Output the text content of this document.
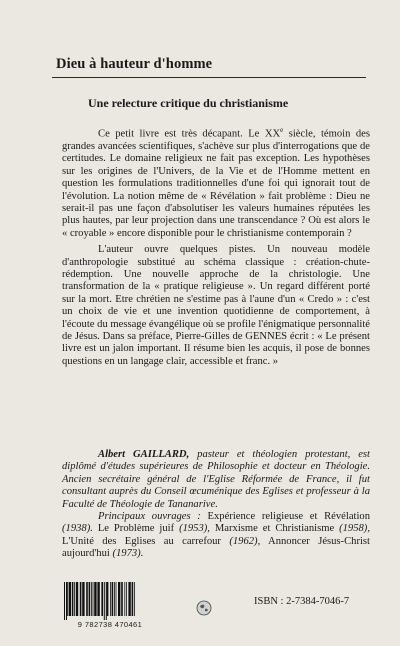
Dieu à hauteur d'homme
Une relecture critique du christianisme

Ce petit livre est très décapant. Le XXe siècle, témoin des grandes avancées scientifiques, s'achève sur plus d'interrogations que de certitudes. Le domaine religieux ne fait pas exception. Les hypothèses sur les origines de l'Univers, de la Vie et de l'Homme mettent en question les formulations traditionnelles d'une foi qui ignorait tout de l'évolution. La notion même de « Révélation » fait problème : Dieu ne serait-il pas une façon d'absolutiser les valeurs humaines réputées les plus hautes, par leur projection dans une transcendance ? Où est alors le « croyable » encore disponible pour le christianisme contemporain ?

L'auteur ouvre quelques pistes. Un nouveau modèle d'anthropologie substitué au schéma classique : création-chute-rédemption. Une nouvelle approche de la christologie. Une transformation de la « pratique religieuse ». Un regard différent porté sur la mort. Etre chrétien ne s'estime pas à l'aune d'un « Credo » : c'est un choix de vie et une invention quotidienne de comportement, à l'écoute du message évangélique où se profile l'énigmatique personnalité de Jésus. Dans sa préface, Pierre-Gilles de GENNES écrit : « Le présent livre est un jalon important. Il résume bien les acquis, il pose de bonnes questions en un langage clair, accessible et franc. »

Albert GAILLARD, pasteur et théologien protestant, est diplômé d'études supérieures de Philosophie et docteur en Théologie. Ancien secrétaire général de l'Eglise Réformée de France, il fut consultant auprès du Conseil œcuménique des Eglises et professeur à la Faculté de Théologie de Tananarive.

Principaux ouvrages : Expérience religieuse et Révélation (1938). Le Problème juif (1953), Marxisme et Christianisme (1958), L'Unité des Eglises au carrefour (1962), Annoncer Jésus-Christ aujourd'hui (1973).

9 782738 470461
ISBN : 2-7384-7046-7
